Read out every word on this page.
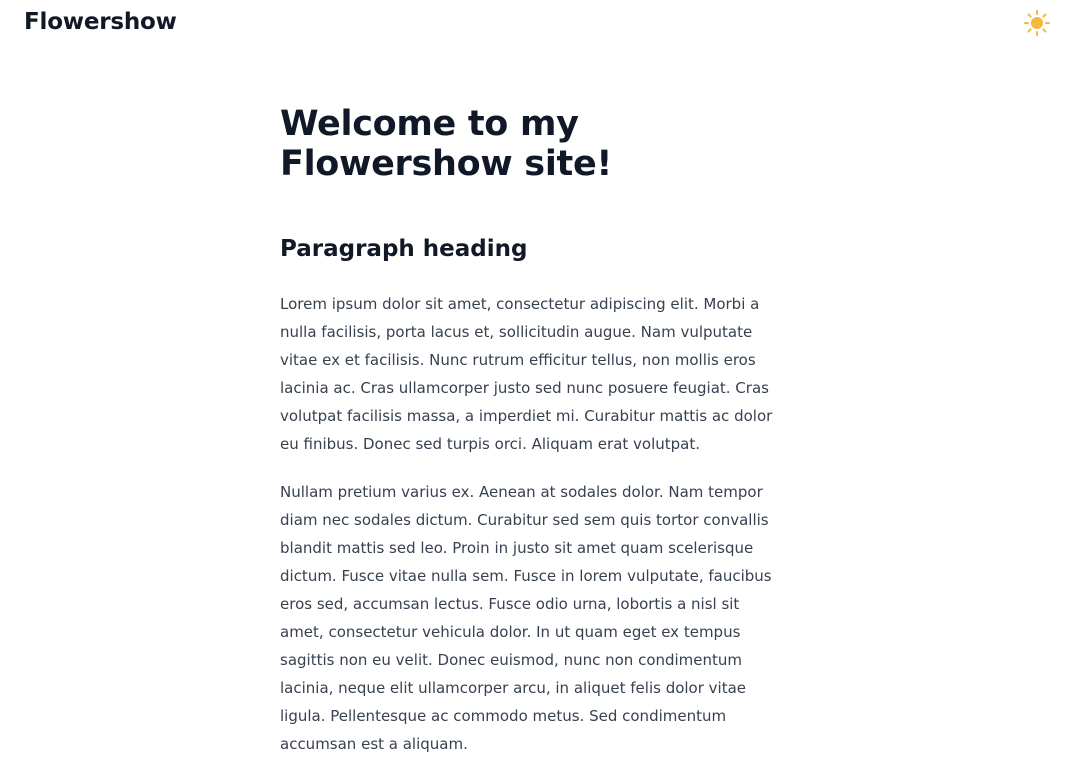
Flowershow
Welcome to my Flowershow site!
Paragraph heading

Lorem ipsum dolor sit amet, consectetur adipiscing elit. Morbi a nulla facilisis, porta lacus et, sollicitudin augue. Nam vulputate vitae ex et facilisis. Nunc rutrum efficitur tellus, non mollis eros lacinia ac. Cras ullamcorper justo sed nunc posuere feugiat. Cras volutpat facilisis massa, a imperdiet mi. Curabitur mattis ac dolor eu finibus. Donec sed turpis orci. Aliquam erat volutpat.

Nullam pretium varius ex. Aenean at sodales dolor. Nam tempor diam nec sodales dictum. Curabitur sed sem quis tortor convallis blandit mattis sed leo. Proin in justo sit amet quam scelerisque dictum. Fusce vitae nulla sem. Fusce in lorem vulputate, faucibus eros sed, accumsan lectus. Fusce odio urna, lobortis a nisl sit amet, consectetur vehicula dolor. In ut quam eget ex tempus sagittis non eu velit. Donec euismod, nunc non condimentum lacinia, neque elit ullamcorper arcu, in aliquet felis dolor vitae ligula. Pellentesque ac commodo metus. Sed condimentum accumsan est a aliquam.
